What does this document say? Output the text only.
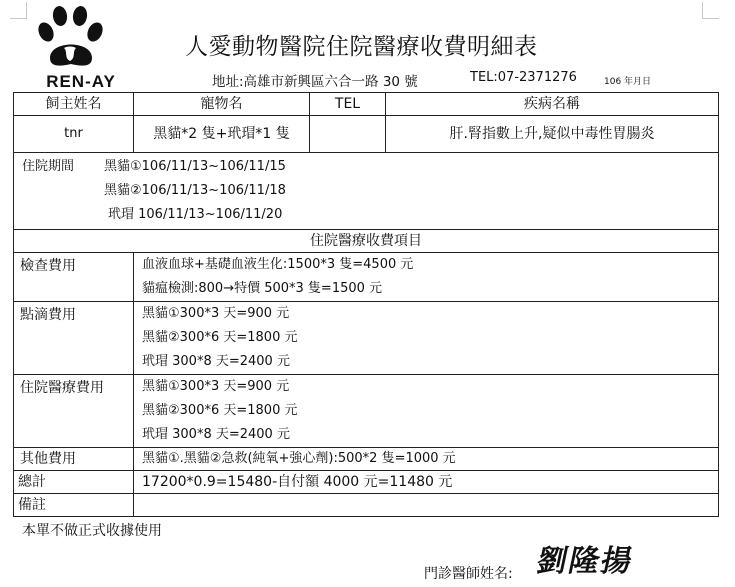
REN-AY
人愛動物醫院住院醫療收費明細表
地址:高雄市新興區六合一路 30 號	TEL:07-2371276	106 年月日
飼主姓名	寵物名	TEL	疾病名稱
tnr	黑貓*2 隻+玳瑁*1 隻		肝.腎指數上升,疑似中毒性胃腸炎

住院期間 黑貓①106/11/13~106/11/15
黑貓②106/11/13~106/11/18
玳瑁 106/11/13~106/11/20			

住院醫療收費項目			
檢查費用	血液血球+基礎血液生化:1500*3 隻=4500 元
貓瘟檢測:800→特價 500*3 隻=1500 元		

點滴費用	黑貓①300*3 天=900 元
黑貓②300*6 天=1800 元
玳瑁 300*8 天=2400 元		

住院醫療費用	黑貓①300*3 天=900 元
黑貓②300*6 天=1800 元
玳瑁 300*8 天=2400 元		

其他費用	黑貓①.黑貓②急救(純氧+強心劑):500*2 隻=1000 元		
總計	17200*0.9=15480-自付額 4000 元=11480 元		
備註			
本單不做正式收據使用
門診醫師姓名: 劉隆揚
